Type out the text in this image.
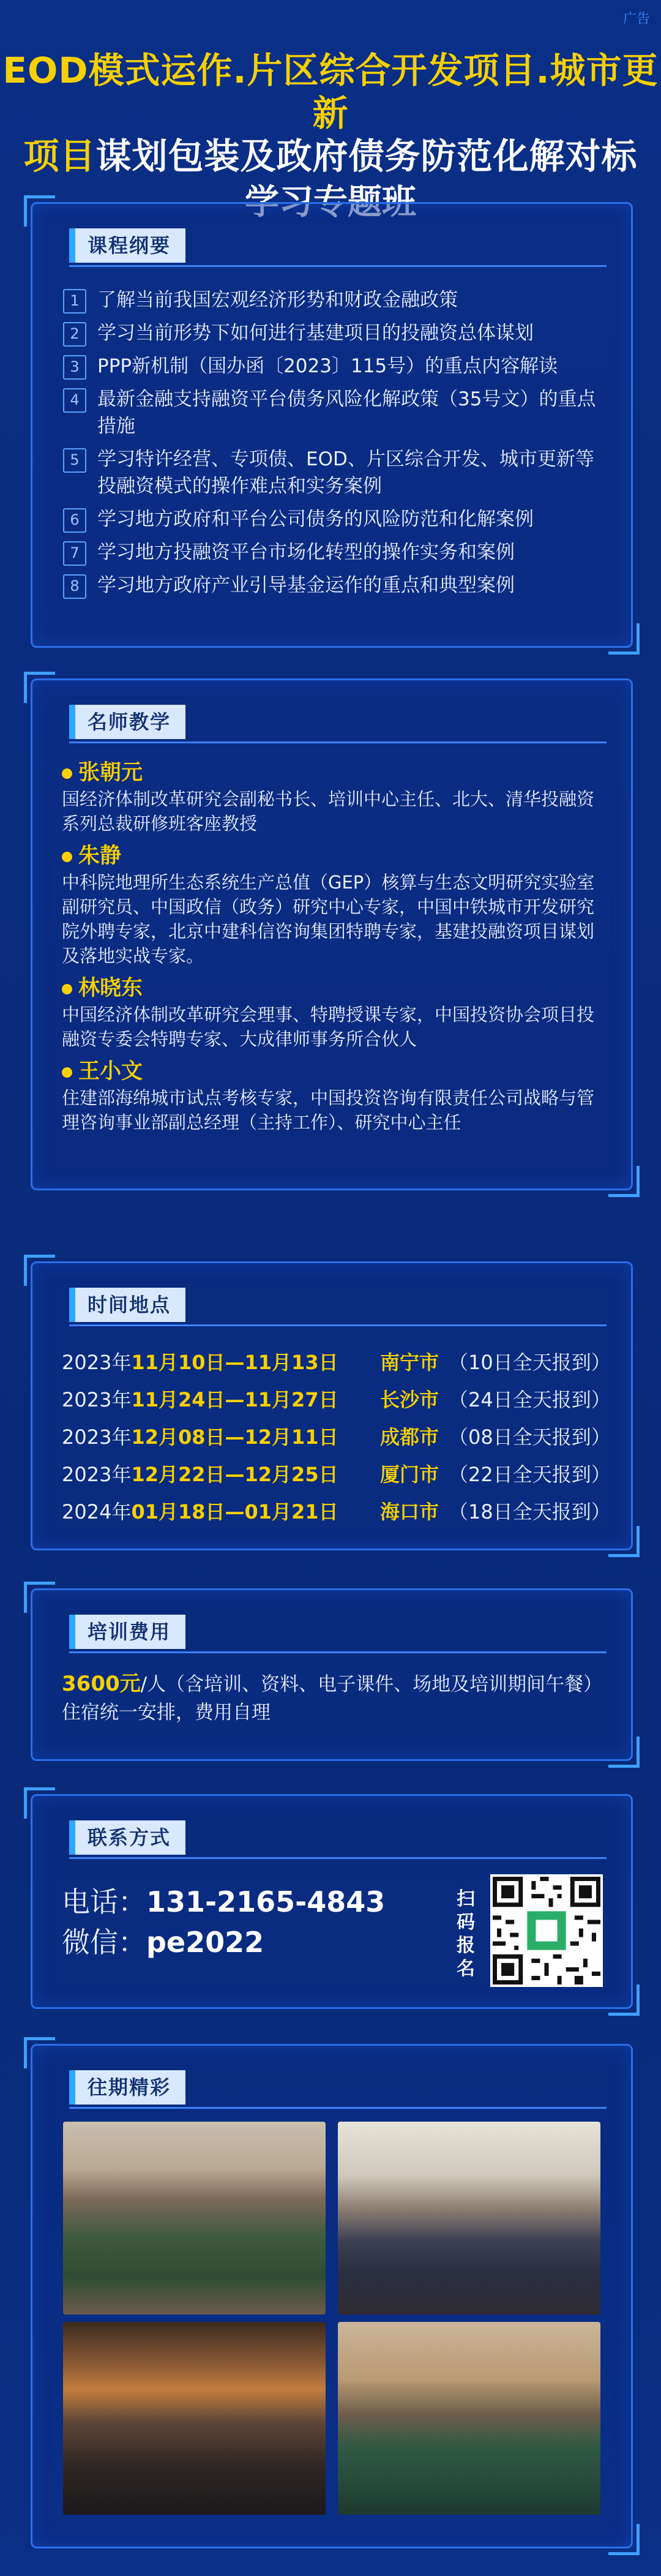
广告
EOD模式运作.片区综合开发项目.城市更新
项目谋划包装及政府债务防范化解对标
学习专题班
课程纲要
1 了解当前我国宏观经济形势和财政金融政策
2 学习当前形势下如何进行基建项目的投融资总体谋划
3 PPP新机制（国办函〔2023〕115号）的重点内容解读
4 最新金融支持融资平台债务风险化解政策（35号文）的重点措施
5 学习特许经营、专项债、EOD、片区综合开发、城市更新等投融资模式的操作难点和实务案例
6 学习地方政府和平台公司债务的风险防范和化解案例
7 学习地方投融资平台市场化转型的操作实务和案例
8 学习地方政府产业引导基金运作的重点和典型案例
名师教学
张朝元
国经济体制改革研究会副秘书长、培训中心主任、北大、清华投融资系列总裁研修班客座教授
朱静
中科院地理所生态系统生产总值（GEP）核算与生态文明研究实验室副研究员、中国政信（政务）研究中心专家，中国中铁城市开发研究院外聘专家，北京中建科信咨询集团特聘专家，基建投融资项目谋划及落地实战专家。
林晓东
中国经济体制改革研究会理事、特聘授课专家，中国投资协会项目投融资专委会特聘专家、大成律师事务所合伙人
王小文
住建部海绵城市试点考核专家，中国投资咨询有限责任公司战略与管理咨询事业部副总经理（主持工作）、研究中心主任
时间地点
2023年11月10日—11月13日	南宁市 （10日全天报到）
2023年11月24日—11月27日	长沙市 （24日全天报到）
2023年12月08日—12月11日	成都市 （08日全天报到）
2023年12月22日—12月25日	厦门市 （22日全天报到）
2024年01月18日—01月21日	海口市 （18日全天报到）
培训费用
3600元/人（含培训、资料、电子课件、场地及培训期间午餐）住宿统一安排，费用自理
联系方式
电话：131-2165-4843
微信：pe2022
扫码报名
往期精彩
